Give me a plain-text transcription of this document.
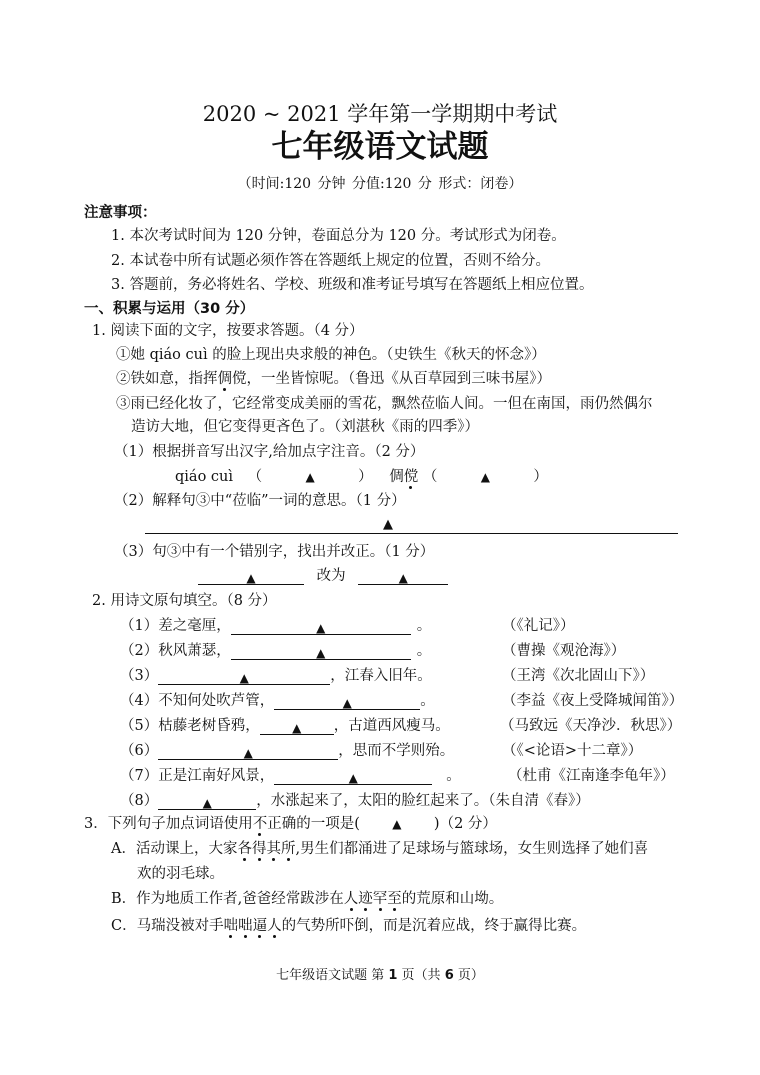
2020 ~ 2021 学年第一学期期中考试
七年级语文试题
（时间:120 分钟 分值:120 分 形式：闭卷）
注意事项：
1. 本次考试时间为 120 分钟，卷面总分为 120 分。考试形式为闭卷。
2. 本试卷中所有试题必须作答在答题纸上规定的位置，否则不给分。
3. 答题前，务必将姓名、学校、班级和准考证号填写在答题纸上相应位置。
一、积累与运用（30 分）
1. 阅读下面的文字，按要求答题。（4 分）
①她 qiáo cuì 的脸上现出央求般的神色。（史铁生《秋天的怀念》）
②铁如意，指挥倜傥，一坐皆惊呢。（鲁迅《从百草园到三味书屋》）
③雨已经化妆了，它经常变成美丽的雪花，飘然莅临人间。一但在南国，雨仍然偶尔
造访大地，但它变得更吝色了。（刘湛秋《雨的四季》）
（1）根据拼音写出汉字,给加点字注音。（2 分）
qiáo cuì （	▲	） 倜傥 （	▲	）
（2）解释句③中“莅临”一词的意思。（1 分）
▲
（3）句③中有一个错别字，找出并改正。（1 分）
▲	改为	▲
2. 用诗文原句填空。（8 分）
（1）差之毫厘，	▲	。	（《礼记》）
（2）秋风萧瑟，	▲	。	（曹操《观沧海》）
（3）	▲	，江春入旧年。	（王湾《次北固山下》）
（4）不知何处吹芦管，	▲	。	（李益《夜上受降城闻笛》）
（5）枯藤老树昏鸦，	▲ ，古道西风瘦马。	（马致远《天净沙．秋思》）
（6）	▲	，思而不学则殆。	（《<论语>十二章》）
（7）正是江南好风景，	▲	。	（杜甫《江南逢李龟年》）
（8）	▲	，水涨起来了，太阳的脸红起来了。（朱自清《春》）
3．下列句子加点词语使用不正确的一项是(	▲ )（2 分）
A．活动课上，大家各得其所,男生们都涌进了足球场与篮球场，女生则选择了她们喜
欢的羽毛球。
B．作为地质工作者,爸爸经常跋涉在人迹罕至的荒原和山坳。
C．马瑞没被对手咄咄逼人的气势所吓倒，而是沉着应战，终于赢得比赛。
七年级语文试题 第 1 页（共 6 页）
